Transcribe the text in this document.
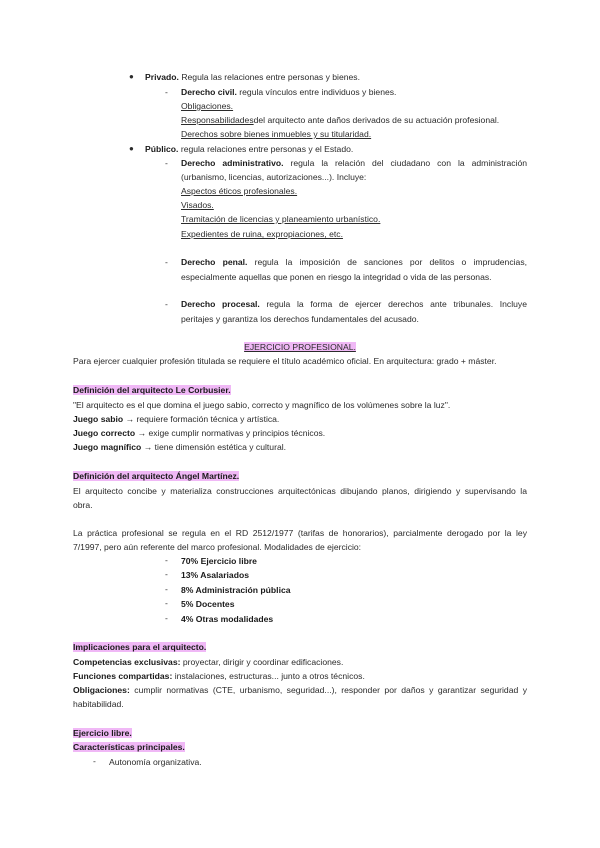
● Privado. Regula las relaciones entre personas y bienes.
- Derecho civil. regula vínculos entre individuos y bienes.
Obligaciones.
Responsabilidadesdel arquitecto ante daños derivados de su actuación profesional.
Derechos sobre bienes inmuebles y su titularidad.
● Público. regula relaciones entre personas y el Estado.
- Derecho administrativo. regula la relación del ciudadano con la administración
(urbanismo, licencias, autorizaciones...). Incluye:
Aspectos éticos profesionales.
Visados.
Tramitación de licencias y planeamiento urbanístico.
Expedientes de ruina, expropiaciones, etc.
- Derecho penal. regula la imposición de sanciones por delitos o imprudencias,
especialmente aquellas que ponen en riesgo la integridad o vida de las personas.
- Derecho procesal. regula la forma de ejercer derechos ante tribunales. Incluye
peritajes y garantiza los derechos fundamentales del acusado.
EJERCICIO PROFESIONAL.
Para ejercer cualquier profesión titulada se requiere el título académico oficial. En arquitectura: grado + máster.
Definición del arquitecto Le Corbusier.
"El arquitecto es el que domina el juego sabio, correcto y magnífico de los volúmenes sobre la luz".
Juego sabio → requiere formación técnica y artística.
Juego correcto → exige cumplir normativas y principios técnicos.
Juego magnífico → tiene dimensión estética y cultural.
Definición del arquitecto Ángel Martínez.
El arquitecto concibe y materializa construcciones arquitectónicas dibujando planos, dirigiendo y supervisando la
obra.
La práctica profesional se regula en el RD 2512/1977 (tarifas de honorarios), parcialmente derogado por la ley
7/1997, pero aún referente del marco profesional. Modalidades de ejercicio:
- 70% Ejercicio libre
- 13% Asalariados
- 8% Administración pública
- 5% Docentes
- 4% Otras modalidades
Implicaciones para el arquitecto.
Competencias exclusivas: proyectar, dirigir y coordinar edificaciones.
Funciones compartidas: instalaciones, estructuras... junto a otros técnicos.
Obligaciones: cumplir normativas (CTE, urbanismo, seguridad...), responder por daños y garantizar seguridad y
habitabilidad.
Ejercicio libre.
Características principales.
- Autonomía organizativa.
